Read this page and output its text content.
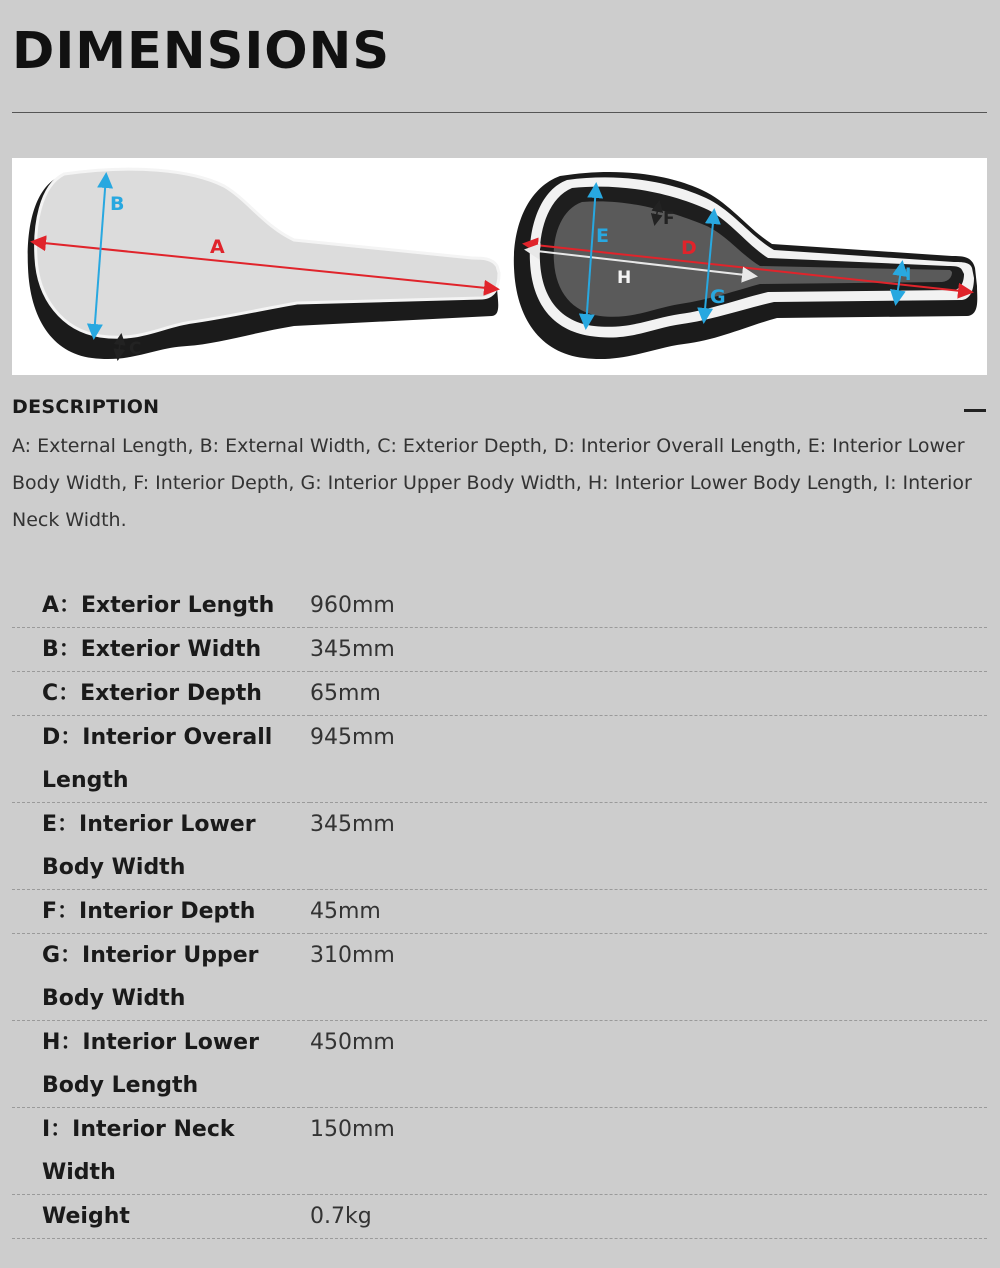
DIMENSIONS
A
B
C
D
E
F
G
H	I
DESCRIPTION

A: External Length, B: External Width, C: Exterior Depth, D: Interior Overall Length, E: Interior Lower Body Width, F: Interior Depth, G: Interior Upper Body Width, H: Interior Lower Body Length, I: Interior Neck Width.

A：Exterior Length	960mm
B：Exterior Width	345mm
C：Exterior Depth	65mm
D：Interior Overall Length	945mm
E：Interior Lower Body Width	345mm
F：Interior Depth	45mm
G：Interior Upper Body Width	310mm
H：Interior Lower Body Length	450mm
I：Interior Neck Width	150mm
Weight	0.7kg
